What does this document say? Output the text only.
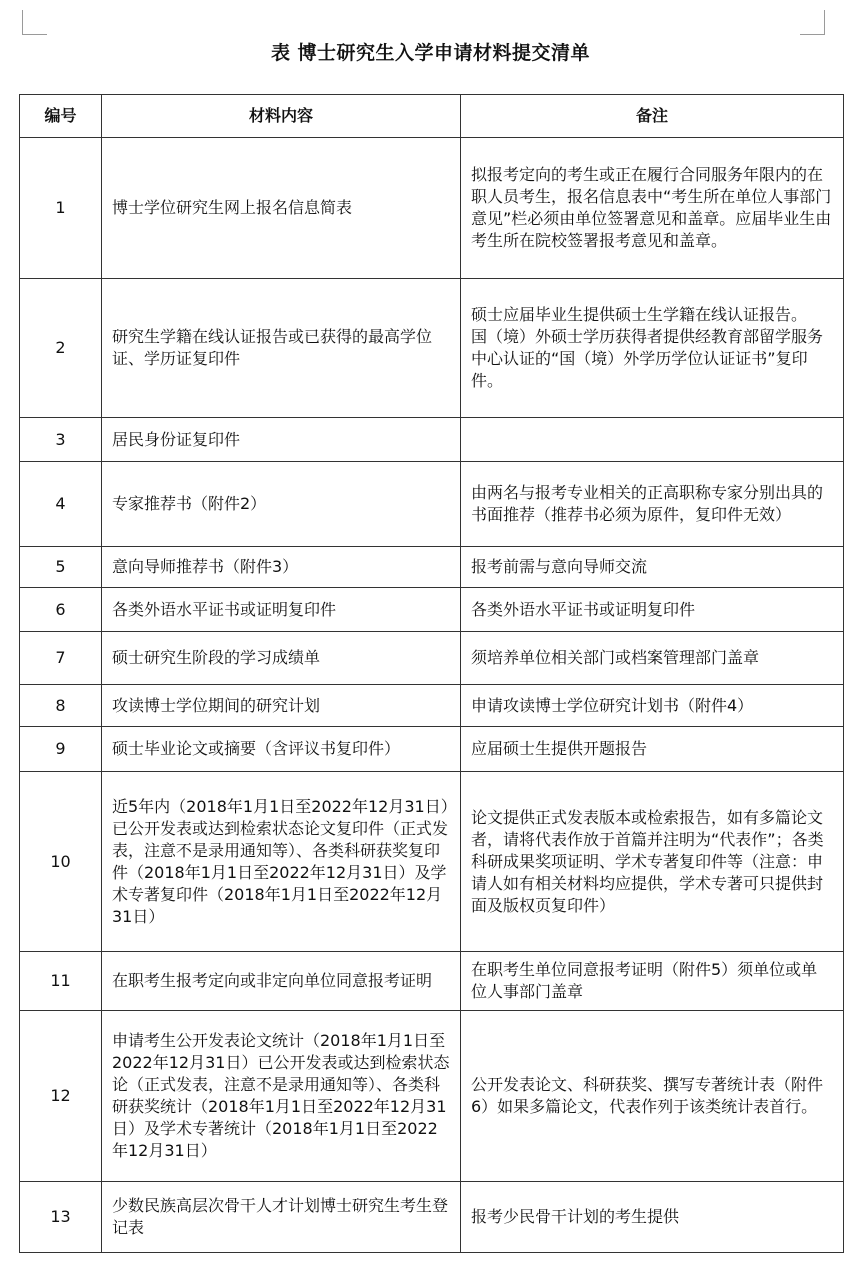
表 博士研究生入学申请材料提交清单
编号	材料内容	备注
1	博士学位研究生网上报名信息简表	拟报考定向的考生或正在履行合同服务年限内的在职人员考生，报名信息表中“考生所在单位人事部门意见”栏必须由单位签署意见和盖章。应届毕业生由考生所在院校签署报考意见和盖章。
2	研究生学籍在线认证报告或已获得的最高学位证、学历证复印件	硕士应届毕业生提供硕士生学籍在线认证报告。
国（境）外硕士学历获得者提供经教育部留学服务中心认证的“国（境）外学历学位认证证书”复印件。
3	居民身份证复印件	
4	专家推荐书（附件2）	由两名与报考专业相关的正高职称专家分别出具的书面推荐（推荐书必须为原件，复印件无效）
5	意向导师推荐书（附件3）	报考前需与意向导师交流
6	各类外语水平证书或证明复印件	各类外语水平证书或证明复印件
7	硕士研究生阶段的学习成绩单	须培养单位相关部门或档案管理部门盖章
8	攻读博士学位期间的研究计划	申请攻读博士学位研究计划书（附件4）
9	硕士毕业论文或摘要（含评议书复印件）	应届硕士生提供开题报告
10	近5年内（2018年1月1日至2022年12月31日）已公开发表或达到检索状态论文复印件（正式发表，注意不是录用通知等）、各类科研获奖复印件（2018年1月1日至2022年12月31日）及学术专著复印件（2018年1月1日至2022年12月31日）	论文提供正式发表版本或检索报告，如有多篇论文者，请将代表作放于首篇并注明为“代表作”；各类科研成果奖项证明、学术专著复印件等（注意：申请人如有相关材料均应提供，学术专著可只提供封面及版权页复印件）
11	在职考生报考定向或非定向单位同意报考证明	在职考生单位同意报考证明（附件5）须单位或单位人事部门盖章
12	申请考生公开发表论文统计（2018年1月1日至2022年12月31日）已公开发表或达到检索状态论（正式发表，注意不是录用通知等）、各类科研获奖统计（2018年1月1日至2022年12月31日）及学术专著统计（2018年1月1日至2022年12月31日）	公开发表论文、科研获奖、撰写专著统计表（附件6）如果多篇论文，代表作列于该类统计表首行。
13	少数民族高层次骨干人才计划博士研究生考生登记表	报考少民骨干计划的考生提供
